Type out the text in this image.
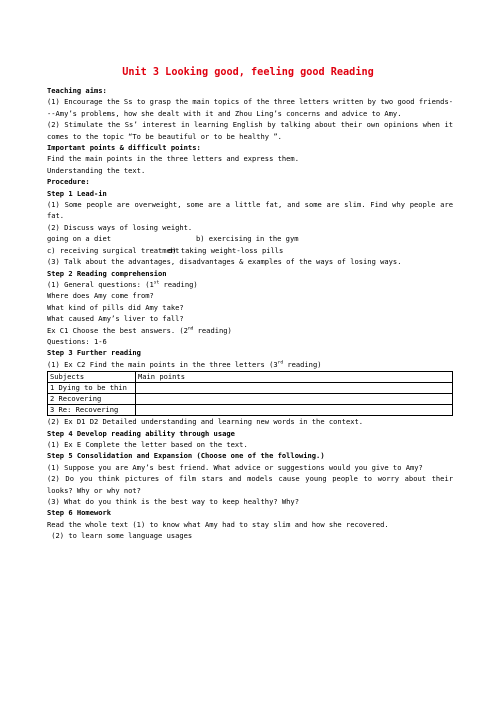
Unit 3 Looking good, feeling good Reading

Teaching aims:

(1) Encourage the Ss to grasp the main topics of the three letters written by two good friends---Amy’s problems, how she dealt with it and Zhou Ling’s concerns and advice to Amy.

(2) Stimulate the Ss’ interest in learning English by talking about their own opinions when it comes to the topic “To be beautiful or to be healthy ”.

Important points & difficult points:

Find the main points in the three letters and express them.

Understanding the text.

Procedure:

Step 1 Lead-in

(1) Some people are overweight, some are a little fat, and some are slim. Find why people are fat.

(2) Discuss ways of losing weight.

going on a diet	b) exercising in the gym
c) receiving surgical treatment
d) taking weight-loss pills

(3) Talk about the advantages, disadvantages & examples of the ways of losing ways.

Step 2 Reading comprehension

(1) General questions: (1st reading)

Where does Amy come from?

What kind of pills did Amy take?

What caused Amy’s liver to fall?

Ex C1 Choose the best answers. (2nd reading)

Questions: 1-6

Step 3 Further reading

(1) Ex C2 Find the main points in the three letters (3rd reading)

Subjects	Main points
1 Dying to be thin	
2 Recovering	
3 Re: Recovering	

(2) Ex D1 D2 Detailed understanding and learning new words in the context.

Step 4 Develop reading ability through usage

(1) Ex E Complete the letter based on the text.

Step 5 Consolidation and Expansion (Choose one of the following.)

(1) Suppose you are Amy’s best friend. What advice or suggestions would you give to Amy?

(2) Do you think pictures of film stars and models cause young people to worry about their looks? Why or why not?

(3) What do you think is the best way to keep healthy? Why?

Step 6 Homework

Read the whole text (1) to know what Amy had to stay slim and how she recovered.

(2) to learn some language usages
